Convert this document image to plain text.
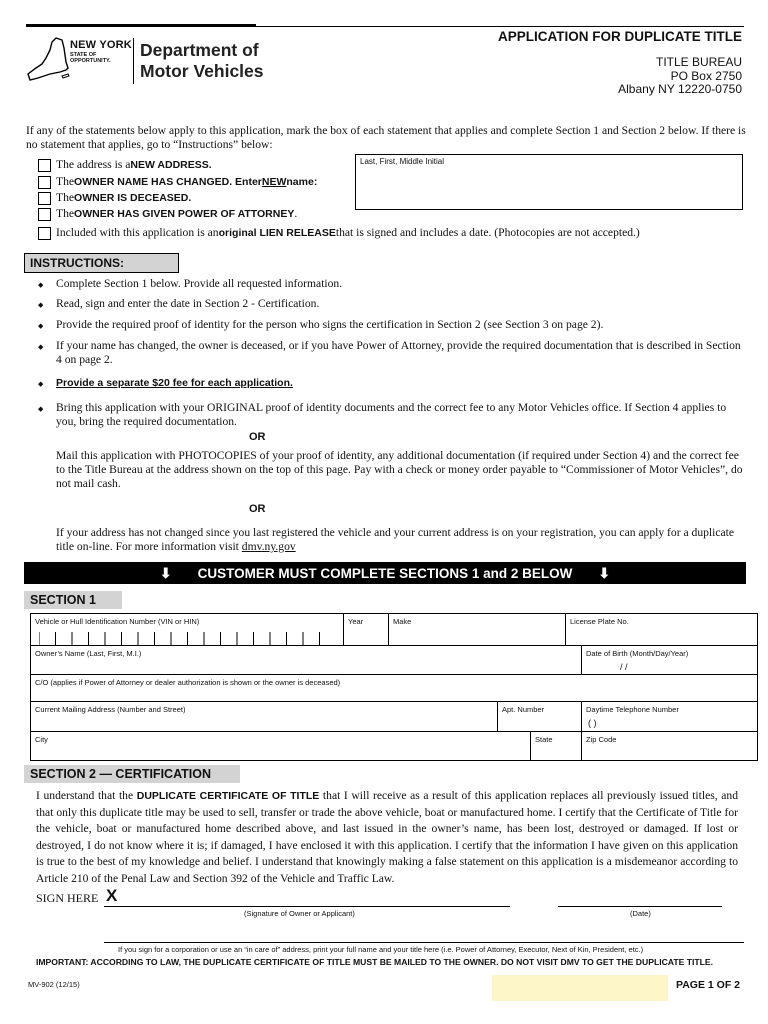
NEW YORK
STATE OF
OPPORTUNITY.
Department of
Motor Vehicles
APPLICATION FOR DUPLICATE TITLE
TITLE BUREAU
PO Box 2750
Albany NY 12220-0750
If any of the statements below apply to this application, mark the box of each statement that applies and complete Section 1 and Section 2 below. If there is no statement that applies, go to “Instructions” below:
The address is a NEW ADDRESS.
The OWNER NAME HAS CHANGED . Enter NEW name:
The OWNER IS DECEASED.
The OWNER HAS GIVEN POWER OF ATTORNEY .
Included with this application is an original LIEN RELEASE that is signed and includes a date. (Photocopies are not accepted.)
Last, First, Middle Initial
INSTRUCTIONS:
◆ Complete Section 1 below. Provide all requested information.
◆ Read, sign and enter the date in Section 2 - Certification.
◆ Provide the required proof of identity for the person who signs the certification in Section 2 (see Section 3 on page 2).
◆ If your name has changed, the owner is deceased, or if you have Power of Attorney, provide the required documentation that is described in Section 4 on page 2.
◆ Provide a separate $20 fee for each application.
◆ Bring this application with your ORIGINAL proof of identity documents and the correct fee to any Motor Vehicles office. If Section 4 applies to you, bring the required documentation.
OR
Mail this application with PHOTOCOPIES of your proof of identity, any additional documentation (if required under Section 4) and the correct fee to the Title Bureau at the address shown on the top of this page. Pay with a check or money order payable to “Commissioner of Motor Vehicles”, do not mail cash.
OR
If your address has not changed since you last registered the vehicle and your current address is on your registration, you can apply for a duplicate title on-line. For more information visit dmv.ny.gov
⬇ CUSTOMER MUST COMPLETE SECTIONS 1 and 2 BELOW ⬇
SECTION 1
Vehicle or Hull Identification Number (VIN or HIN)	Year	Make	License Plate No.
Owner’s Name (Last, First, M.I.)	Date of Birth (Month/Day/Year)
/ /
C/O (applies if Power of Attorney or dealer authorization is shown or the owner is deceased)
Current Mailing Address (Number and Street)	Apt. Number	Daytime Telephone Number
( )
City	State	Zip Code
SECTION 2 — CERTIFICATION
I understand that the DUPLICATE CERTIFICATE OF TITLE that I will receive as a result of this application replaces all previously issued titles, and that only this duplicate title may be used to sell, transfer or trade the above vehicle, boat or manufactured home. I certify that the Certificate of Title for the vehicle, boat or manufactured home described above, and last issued in the owner’s name, has been lost, destroyed or damaged. If lost or destroyed, I do not know where it is; if damaged, I have enclosed it with this application. I certify that the information I have given on this application is true to the best of my knowledge and belief. I understand that knowingly making a false statement on this application is a misdemeanor according to Article 210 of the Penal Law and Section 392 of the Vehicle and Traffic Law.
SIGN HERE X
(Signature of Owner or Applicant)	(Date)
If you sign for a corporation or use an “in care of” address, print your full name and your title here (i.e. Power of Attorney, Executor, Next of Kin, President, etc.)
IMPORTANT: ACCORDING TO LAW, THE DUPLICATE CERTIFICATE OF TITLE MUST BE MAILED TO THE OWNER. DO NOT VISIT DMV TO GET THE DUPLICATE TITLE.
MV-902 (12/15)	PAGE 1 OF 2
